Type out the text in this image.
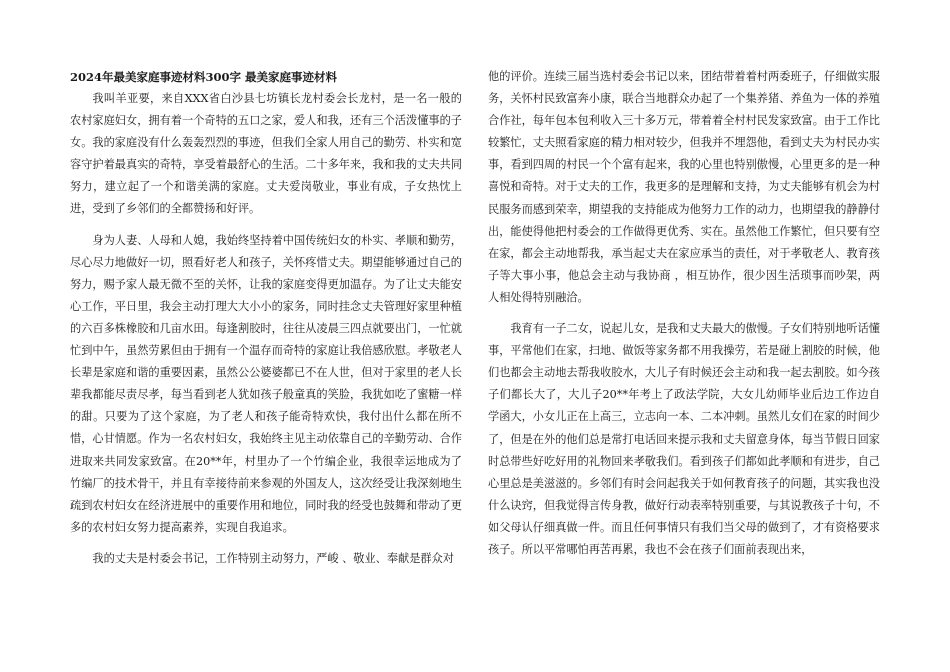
2024年最美家庭事迹材料300字 最美家庭事迹材料

我叫羊亚要，来自XXX省白沙县七坊镇长龙村委会长龙村，是一名一般的农村家庭妇女，拥有着一个奇特的五口之家，爱人和我，还有三个活泼懂事的子女。我的家庭没有什么轰轰烈烈的事迹，但我们全家人用自己的勤劳、朴实和宽容守护着最真实的奇特，享受着最舒心的生活。二十多年来，我和我的丈夫共同努力，建立起了一个和谐美满的家庭。丈夫爱岗敬业，事业有成，子女热忱上进，受到了乡邻们的全都赞扬和好评。

身为人妻、人母和人媳，我始终坚持着中国传统妇女的朴实、孝顺和勤劳，尽心尽力地做好一切，照看好老人和孩子，关怀疼惜丈夫。期望能够通过自己的努力，赐予家人最无微不至的关怀，让我的家庭变得更加温存。为了让丈夫能安心工作，平日里，我会主动打理大大小小的家务，同时挂念丈夫管理好家里种植的六百多株橡胶和几亩水田。每逢割胶时，往往从凌晨三四点就要出门，一忙就忙到中午，虽然劳累但由于拥有一个温存而奇特的家庭让我倍感欣慰。孝敬老人长辈是家庭和谐的重要因素，虽然公公婆婆都已不在人世，但对于家里的老人长辈我都能尽责尽孝，每当看到老人犹如孩子般童真的笑脸，我犹如吃了蜜糖一样的甜。只要为了这个家庭，为了老人和孩子能奇特欢快，我付出什么都在所不惜，心甘情愿。作为一名农村妇女，我始终主见主动依靠自己的辛勤劳动、合作进取来共同发家致富。在20**年，村里办了一个竹编企业，我很幸运地成为了竹编厂的技术骨干，并且有幸接待前来参观的外国友人，这次经受让我深刻地生疏到农村妇女在经济进展中的重要作用和地位，同时我的经受也鼓舞和带动了更多的农村妇女努力提高素养，实现自我追求。

我的丈夫是村委会书记，工作特别主动努力，严峻 、敬业、奉献是群众对

他的评价。连续三届当选村委会书记以来，团结带着着村两委班子，仔细做实服务，关怀村民致富奔小康，联合当地群众办起了一个集养猪、养鱼为一体的养殖合作社，每年包本包利收入三十多万元，带着着全村村民发家致富。由于工作比较繁忙，丈夫照看家庭的精力相对较少，但我并不埋怨他，看到丈夫为村民办实事，看到四周的村民一个个富有起来，我的心里也特别傲慢，心里更多的是一种喜悦和奇特。对于丈夫的工作，我更多的是理解和支持，为丈夫能够有机会为村民服务而感到荣幸，期望我的支持能成为他努力工作的动力，也期望我的静静付出，能使得他把村委会的工作做得更优秀、实在。虽然他工作繁忙，但只要有空在家，都会主动地帮我，承当起丈夫在家应承当的责任，对于孝敬老人、教育孩子等大事小事，他总会主动与我协商 ，相互协作，很少因生活琐事而吵架，两人相处得特别融洽。

我育有一子二女，说起儿女，是我和丈夫最大的傲慢。子女们特别地听话懂事，平常他们在家，扫地、做饭等家务都不用我操劳，若是碰上割胶的时候，他们也都会主动地去帮我收胶水，大儿子有时候还会主动和我一起去割胶。如今孩子们都长大了，大儿子20**年考上了政法学院，大女儿幼师毕业后边工作边自学函大，小女儿正在上高三，立志向一本、二本冲刺。虽然儿女们在家的时间少了，但是在外的他们总是常打电话回来提示我和丈夫留意身体，每当节假日回家时总带些好吃好用的礼物回来孝敬我们。看到孩子们都如此孝顺和有进步，自己心里总是美滋滋的。乡邻们有时会问起我关于如何教育孩子的问题，其实我也没什么诀窍，但我觉得言传身教，做好行动表率特别重要，与其说教孩子十句，不如父母认仔细真做一件。而且任何事情只有我们当父母的做到了，才有资格要求孩子。所以平常哪怕再苦再累，我也不会在孩子们面前表现出来，
